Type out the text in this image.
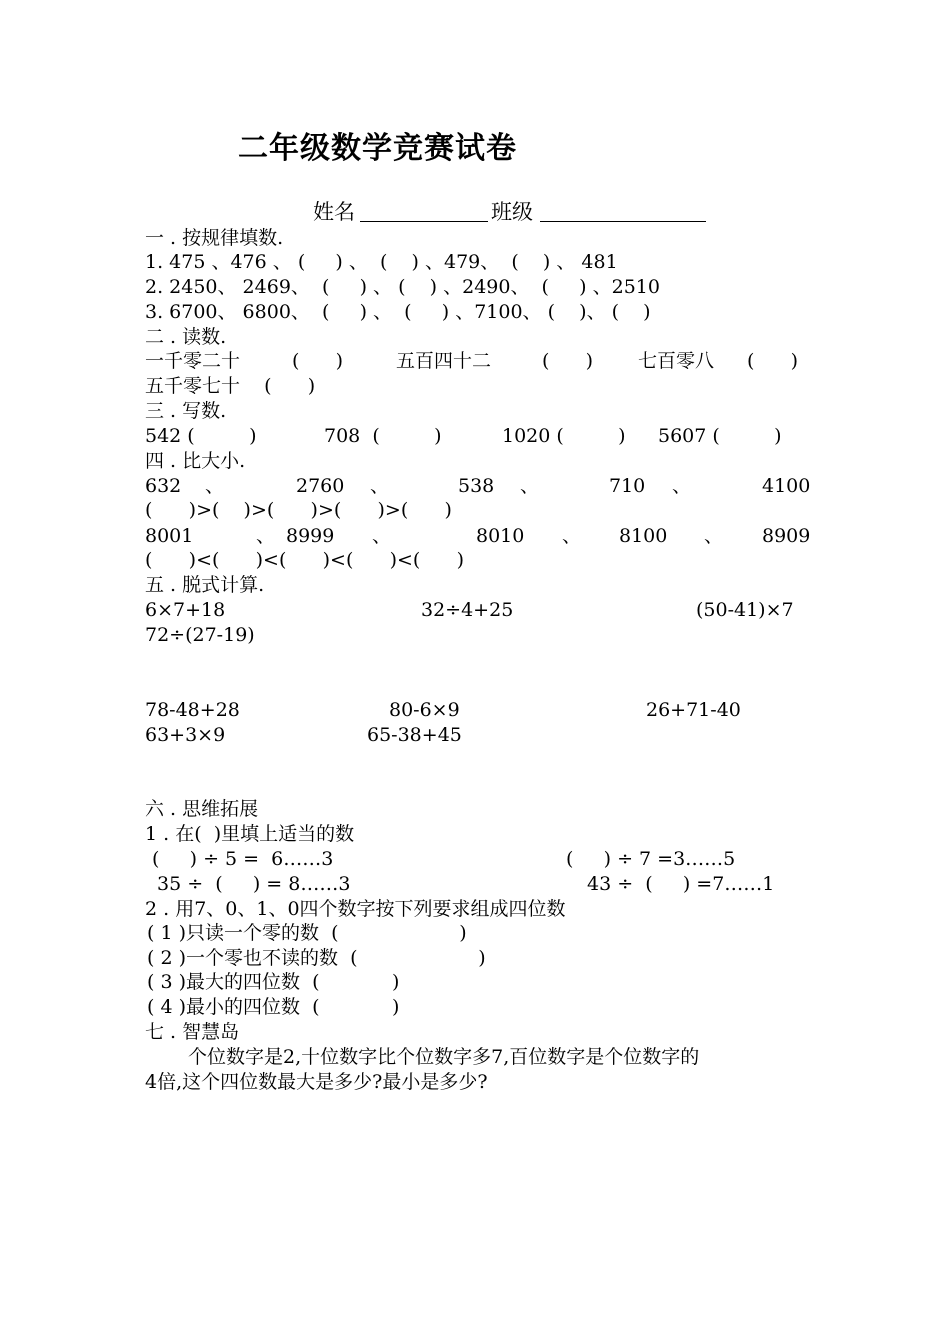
二年级数学竞赛试卷
姓名	班级
一 . 按规律填数.
1. 475 、476 、 (     ) 、  (    ) 、479、  (    ) 、 481
2. 2450、 2469、  (     ) 、 (    ) 、2490、  (     ) 、2510
3. 6700、 6800、  (     ) 、  (     ) 、7100、 (    )、 (    )
二 . 读数.
一千零二十	(      )	五百四十二	(      ) 七百零八 (      )
五千零七十    (      )
三 . 写数.
542 (         )	708  (         )	1020 (         ) 5607 (         )
四 . 比大小.
632 、	2760 、	538 、	710 、	4100
(      )>(    )>(      )>(      )>(      )
8001	、 8999 、	8010 、 8100 、 8909
(      )<(      )<(      )<(      )<(      )
五 . 脱式计算.
6×7+18	32÷4+25	(50-41)×7
72÷(27-19)
78-48+28	80-6×9	26+71-40
63+3×9	65-38+45
六 . 思维拓展
1 . 在(  )里填上适当的数
(     ) ÷ 5 =  6……3	(     ) ÷ 7 =3……5
35 ÷  (     ) = 8……3	43 ÷  (     ) =7……1
2 . 用7、0、1、0四个数字按下列要求组成四位数
( 1 )只读一个零的数  (                    )
( 2 )一个零也不读的数  (                    )
( 3 )最大的四位数  (            )
( 4 )最小的四位数  (            )
七 . 智慧岛
个位数字是2,十位数字比个位数字多7,百位数字是个位数字的
4倍,这个四位数最大是多少?最小是多少?
